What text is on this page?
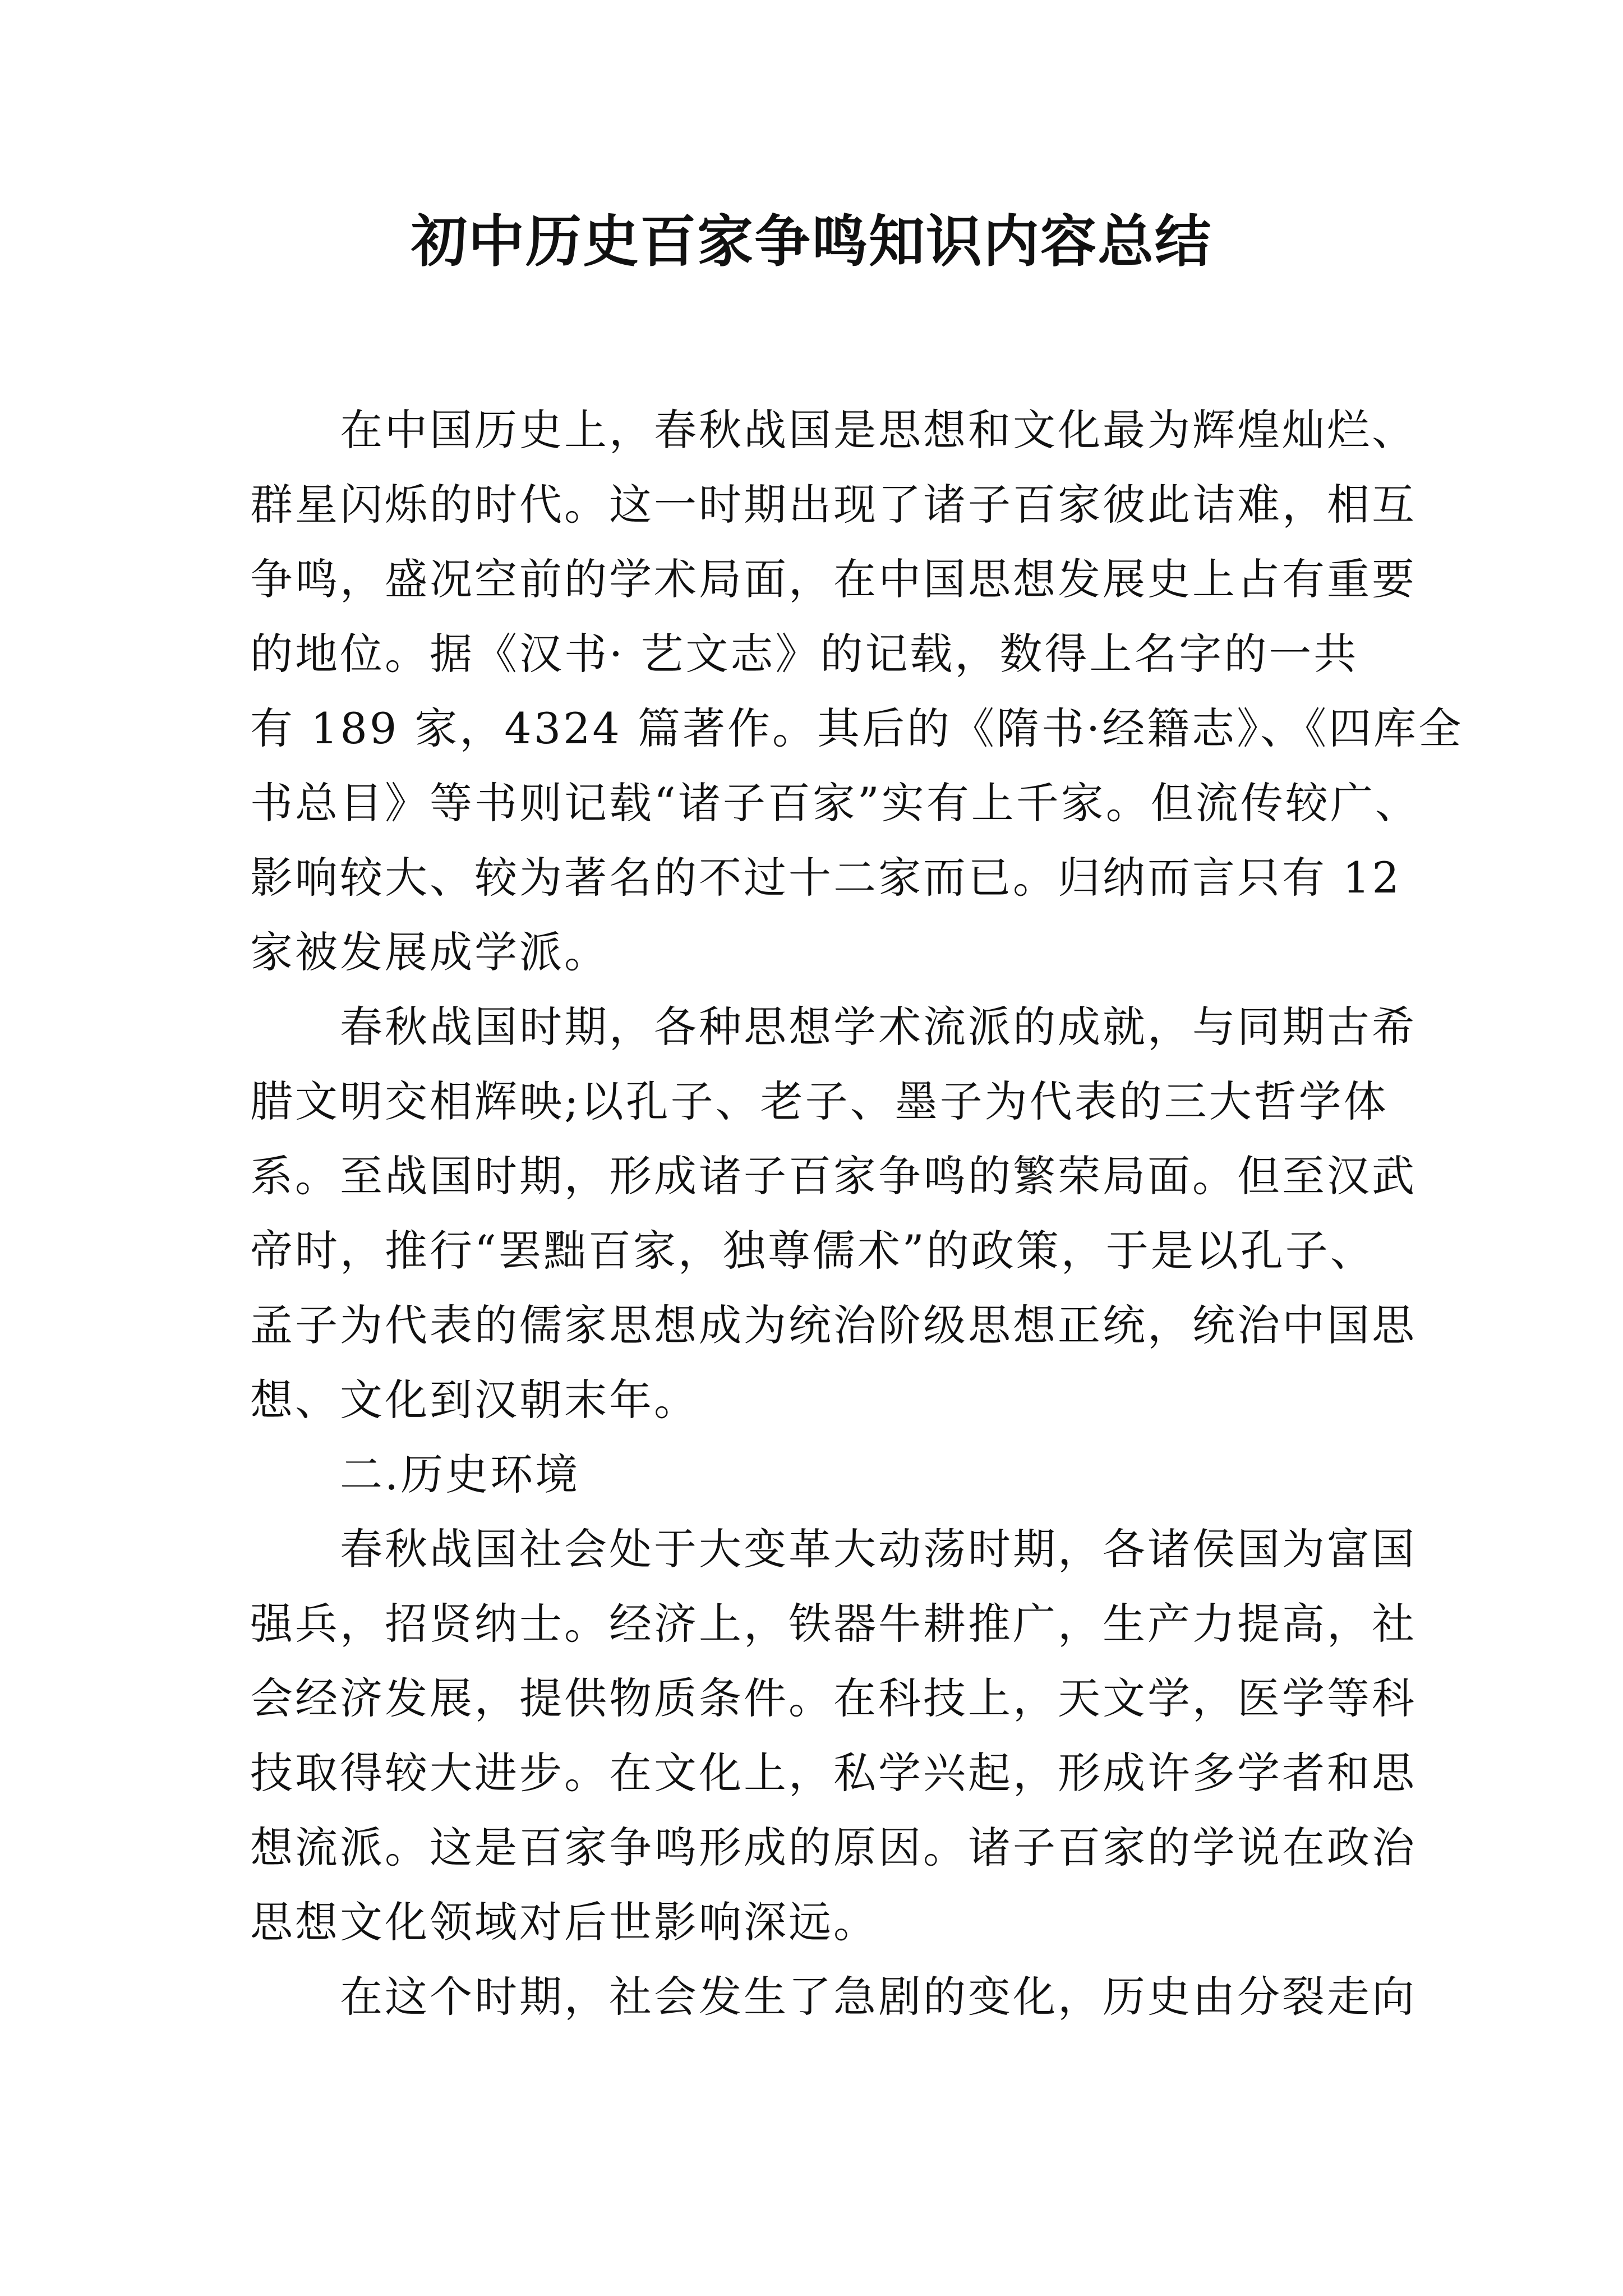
初中历史百家争鸣知识内容总结
在中国历史上，春秋战国是思想和文化最为辉煌灿烂、
群星闪烁的时代。这一时期出现了诸子百家彼此诘难，相互
争鸣，盛况空前的学术局面，在中国思想发展史上占有重要
的地位。据《汉书· 艺文志》的记载，数得上名字的一共
有 189 家，4324 篇著作。其后的《隋书·经籍志》、《四库全
书总目》等书则记载“诸子百家”实有上千家。但流传较广、
影响较大、较为著名的不过十二家而已。归纳而言只有 12
家被发展成学派。
春秋战国时期，各种思想学术流派的成就，与同期古希
腊文明交相辉映;以孔子、老子、墨子为代表的三大哲学体
系。至战国时期，形成诸子百家争鸣的繁荣局面。但至汉武
帝时，推行“罢黜百家，独尊儒术”的政策，于是以孔子、
孟子为代表的儒家思想成为统治阶级思想正统，统治中国思
想、文化到汉朝末年。
二.历史环境
春秋战国社会处于大变革大动荡时期，各诸侯国为富国
强兵，招贤纳士。经济上，铁器牛耕推广，生产力提高，社
会经济发展，提供物质条件。在科技上，天文学，医学等科
技取得较大进步。在文化上，私学兴起，形成许多学者和思
想流派。这是百家争鸣形成的原因。诸子百家的学说在政治
思想文化领域对后世影响深远。
在这个时期，社会发生了急剧的变化，历史由分裂走向
